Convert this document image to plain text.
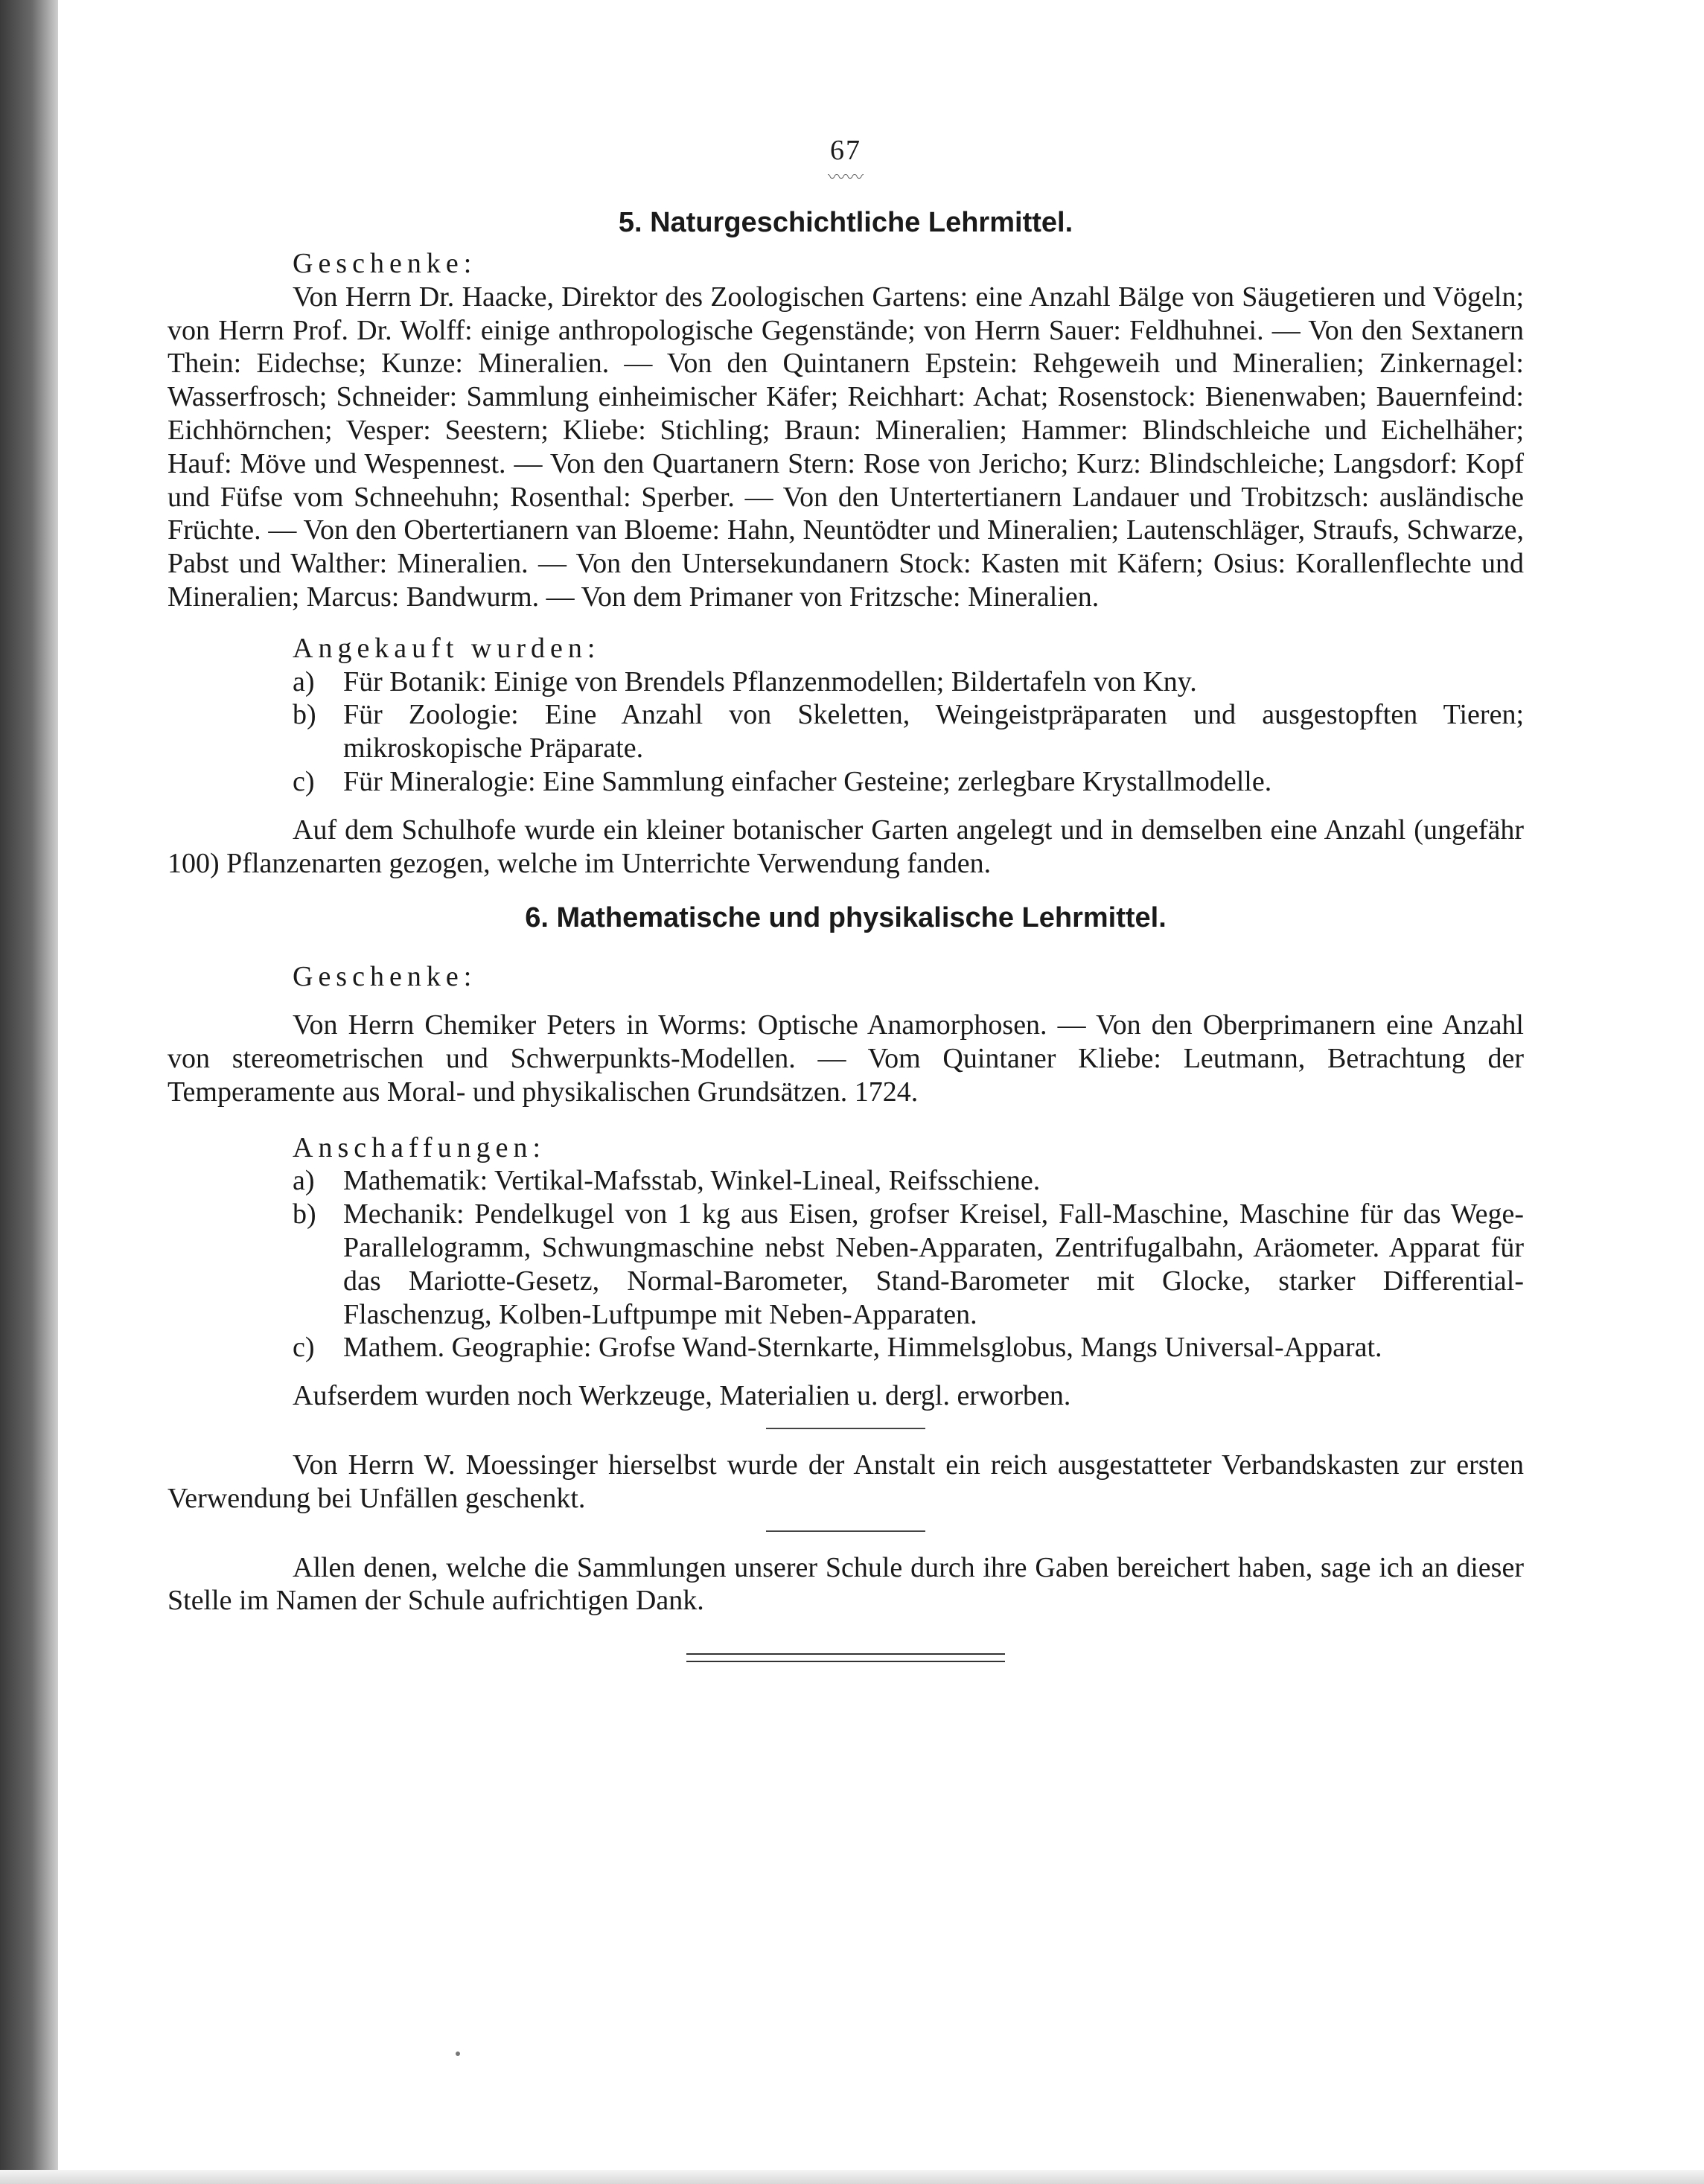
67
〰〰
5. Naturgeschichtliche Lehrmittel.

Geschenke:

Von Herrn Dr. Haacke, Direktor des Zoologischen Gartens: eine Anzahl Bälge von Säugetieren und Vögeln; von Herrn Prof. Dr. Wolff: einige anthropologische Gegenstände; von Herrn Sauer: Feldhuhnei. — Von den Sextanern Thein: Eidechse; Kunze: Mineralien. — Von den Quintanern Epstein: Rehgeweih und Mineralien; Zinkernagel: Wasserfrosch; Schneider: Sammlung einheimischer Käfer; Reichhart: Achat; Rosenstock: Bienenwaben; Bauernfeind: Eichhörnchen; Vesper: Seestern; Kliebe: Stichling; Braun: Mineralien; Hammer: Blindschleiche und Eichelhäher; Hauf: Möve und Wespennest. — Von den Quartanern Stern: Rose von Jericho; Kurz: Blindschleiche; Langsdorf: Kopf und Füfse vom Schneehuhn; Rosenthal: Sperber. — Von den Untertertianern Landauer und Trobitzsch: ausländische Früchte. — Von den Obertertianern van Bloeme: Hahn, Neuntödter und Mineralien; Lautenschläger, Straufs, Schwarze, Pabst und Walther: Mineralien. — Von den Untersekundanern Stock: Kasten mit Käfern; Osius: Korallenflechte und Mineralien; Marcus: Bandwurm. — Von dem Primaner von Fritzsche: Mineralien.

Angekauft wurden:

a)	Für Botanik: Einige von Brendels Pflanzenmodellen; Bildertafeln von Kny.
b) Für Zoologie: Eine Anzahl von Skeletten, Weingeistpräparaten und ausgestopften Tieren; mikroskopische Präparate.
c)	Für Mineralogie: Eine Sammlung einfacher Gesteine; zerlegbare Krystallmodelle.

Auf dem Schulhofe wurde ein kleiner botanischer Garten angelegt und in demselben eine Anzahl (ungefähr 100) Pflanzenarten gezogen, welche im Unterrichte Verwendung fanden.

6. Mathematische und physikalische Lehrmittel.

Geschenke:

Von Herrn Chemiker Peters in Worms: Optische Anamorphosen. — Von den Oberprimanern eine Anzahl von stereometrischen und Schwerpunkts-Modellen. — Vom Quintaner Kliebe: Leutmann, Betrachtung der Temperamente aus Moral- und physikalischen Grundsätzen. 1724.

Anschaffungen:

a)	Mathematik: Vertikal-Mafsstab, Winkel-Lineal, Reifsschiene.
b) Mechanik: Pendelkugel von 1 kg aus Eisen, grofser Kreisel, Fall-Maschine, Maschine für das Wege-Parallelogramm, Schwungmaschine nebst Neben-Apparaten, Zentrifugalbahn, Aräometer. Apparat für das Mariotte-Gesetz, Normal-Barometer, Stand-Barometer mit Glocke, starker Differential-Flaschenzug, Kolben-Luftpumpe mit Neben-Apparaten.
c)	Mathem. Geographie: Grofse Wand-Sternkarte, Himmelsglobus, Mangs Universal-Apparat.

Aufserdem wurden noch Werkzeuge, Materialien u. dergl. erworben.

Von Herrn W. Moessinger hierselbst wurde der Anstalt ein reich ausgestatteter Verbandskasten zur ersten Verwendung bei Unfällen geschenkt.

Allen denen, welche die Sammlungen unserer Schule durch ihre Gaben bereichert haben, sage ich an dieser Stelle im Namen der Schule aufrichtigen Dank.
